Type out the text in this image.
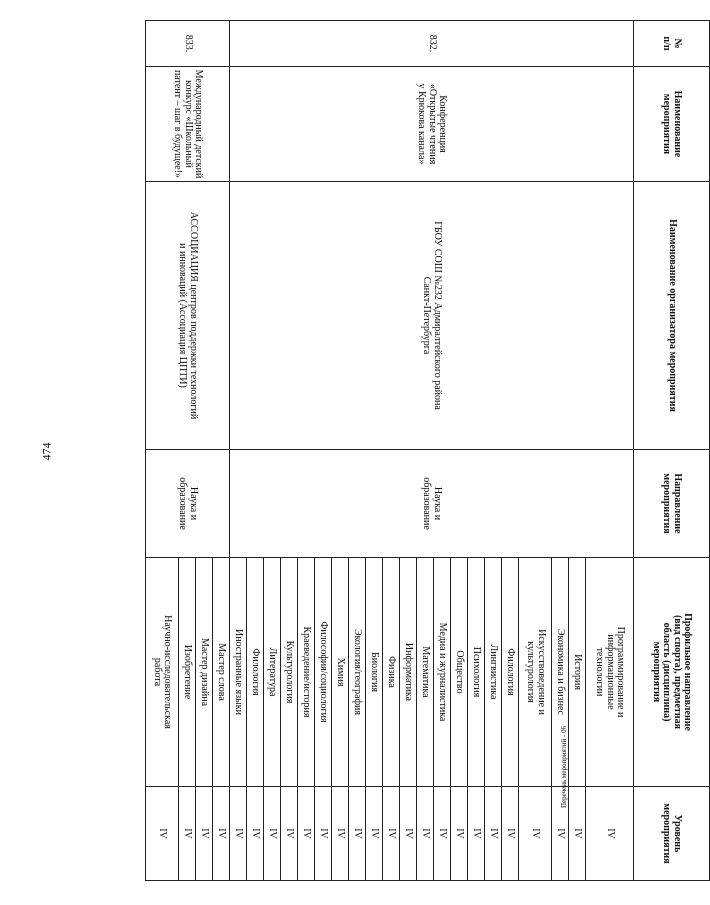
474
№
п/п	Наименование
мероприятия	Наименование организатора мероприятия	Направление
мероприятия	Профильное направление
(вид спорта), предметная
область (дисциплина)
мероприятия	Уровень
мероприятия
832.	Конференция
«Открытые чтения
у Крюкова канала»	ГБОУ СОШ №232 Адмиралтейского района
Санкт-Петербурга	Наука и
образование	Программирование и
информационные
технологии	IV
				История	IV
				Экономика и бизнес	IV
				Искусствоведение и
культурология	IV
				Филология	IV
				Лингвистика	IV
				Психология	IV
				Общество	IV
				Медиа и журналистика	IV
				Математика	IV
				Информатика	IV
				Физика	IV
				Биология	IV
				Экология/география	IV
				Химия	IV
				Философия/социология	IV
				Краеведение/история	IV
				Культурология	IV
				Литература	IV
				Филология	IV
				Иностранные языки	IV
833.	Международный детский
конкурс «Школьный
патент – шаг в будущее!»	АССОЦИАЦИЯ центров поддержки технологий
и инноваций (Ассоциация ЦПТИ)	Наука и
образование	Мастер слова	IV
				Мастер дизайна	IV
				Изобретение	IV
				Научно-исследовательская
работа	IV
Перечень мероприятий - 06
